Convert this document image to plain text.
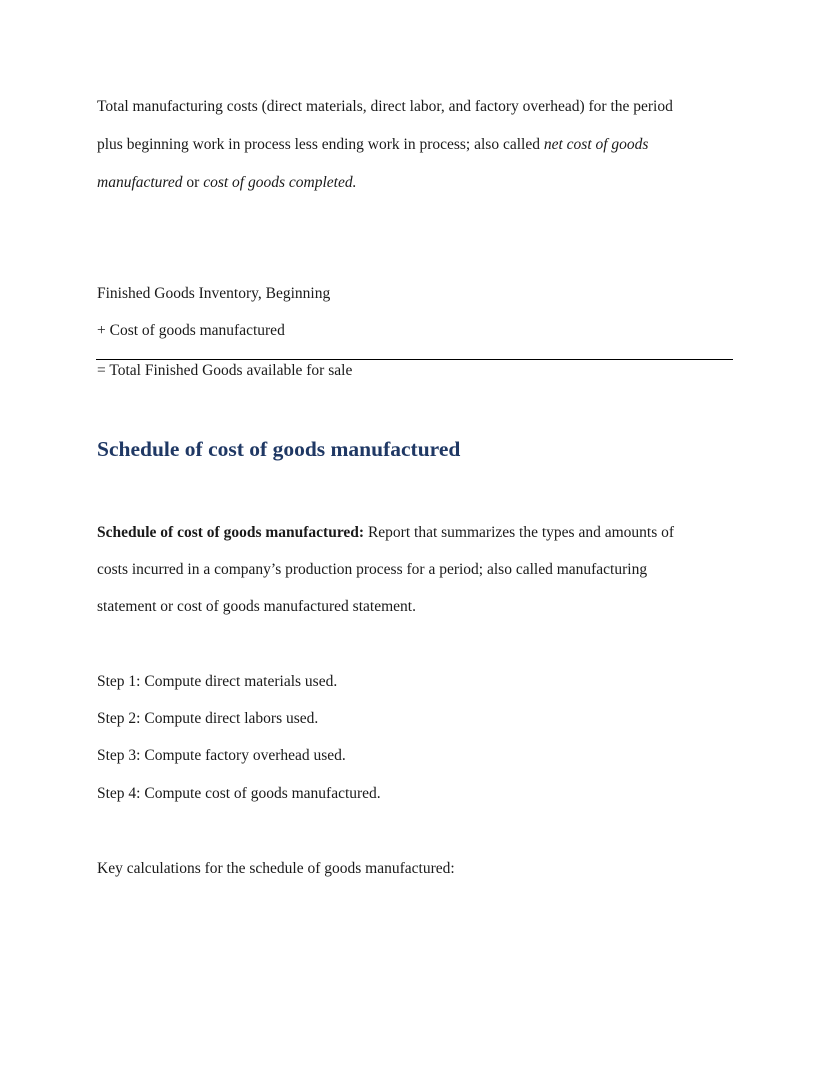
Total manufacturing costs (direct materials, direct labor, and factory overhead) for the period
plus beginning work in process less ending work in process; also called net cost of goods
manufactured or cost of goods completed.
Finished Goods Inventory, Beginning
+ Cost of goods manufactured
= Total Finished Goods available for sale
Schedule of cost of goods manufactured
Schedule of cost of goods manufactured: Report that summarizes the types and amounts of
costs incurred in a company’s production process for a period; also called manufacturing
statement or cost of goods manufactured statement.
Step 1: Compute direct materials used.
Step 2: Compute direct labors used.
Step 3: Compute factory overhead used.
Step 4: Compute cost of goods manufactured.
Key calculations for the schedule of goods manufactured:
